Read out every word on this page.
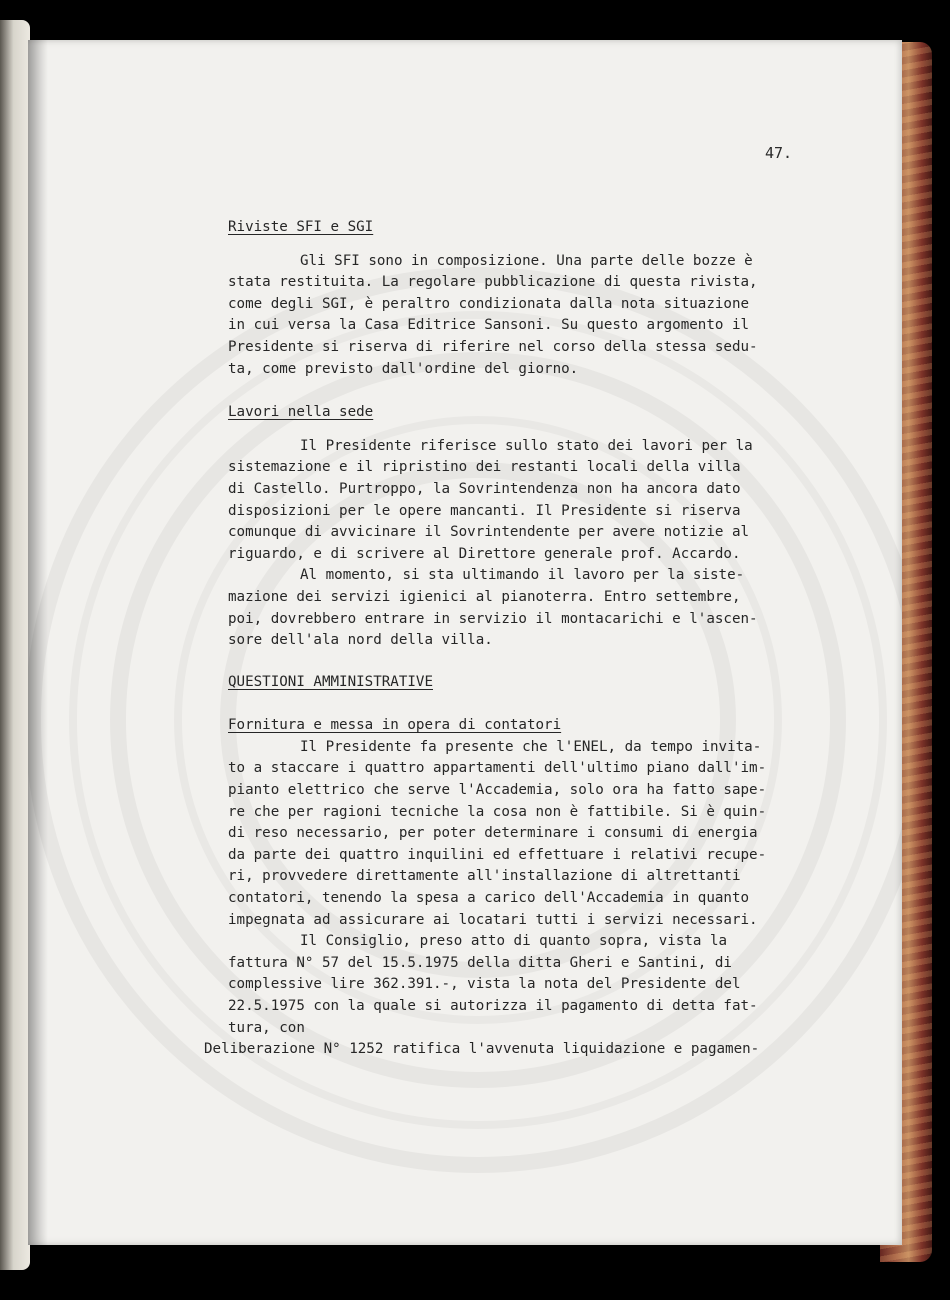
47.

Riviste SFI e SGI

Gli SFI sono in composizione. Una parte delle bozze è

stata restituita. La regolare pubblicazione di questa rivista,

come degli SGI, è peraltro condizionata dalla nota situazione

in cui versa la Casa Editrice Sansoni. Su questo argomento il

Presidente si riserva di riferire nel corso della stessa sedu-

ta, come previsto dall'ordine del giorno.

Lavori nella sede

Il Presidente riferisce sullo stato dei lavori per la

sistemazione e il ripristino dei restanti locali della villa

di Castello. Purtroppo, la Sovrintendenza non ha ancora dato

disposizioni per le opere mancanti. Il Presidente si riserva

comunque di avvicinare il Sovrintendente per avere notizie al

riguardo, e di scrivere al Direttore generale prof. Accardo.

Al momento, si sta ultimando il lavoro per la siste-

mazione dei servizi igienici al pianoterra. Entro settembre,

poi, dovrebbero entrare in servizio il montacarichi e l'ascen-

sore dell'ala nord della villa.

QUESTIONI AMMINISTRATIVE

Fornitura e messa in opera di contatori

Il Presidente fa presente che l'ENEL, da tempo invita-

to a staccare i quattro appartamenti dell'ultimo piano dall'im-

pianto elettrico che serve l'Accademia, solo ora ha fatto sape-

re che per ragioni tecniche la cosa non è fattibile. Si è quin-

di reso necessario, per poter determinare i consumi di energia

da parte dei quattro inquilini ed effettuare i relativi recupe-

ri, provvedere direttamente all'installazione di altrettanti

contatori, tenendo la spesa a carico dell'Accademia in quanto

impegnata ad assicurare ai locatari tutti i servizi necessari.

Il Consiglio, preso atto di quanto sopra, vista la

fattura N° 57 del 15.5.1975 della ditta Gheri e Santini, di

complessive lire 362.391.-, vista la nota del Presidente del

22.5.1975 con la quale si autorizza il pagamento di detta fat-

tura, con

Deliberazione N° 1252 ratifica l'avvenuta liquidazione e pagamen-
